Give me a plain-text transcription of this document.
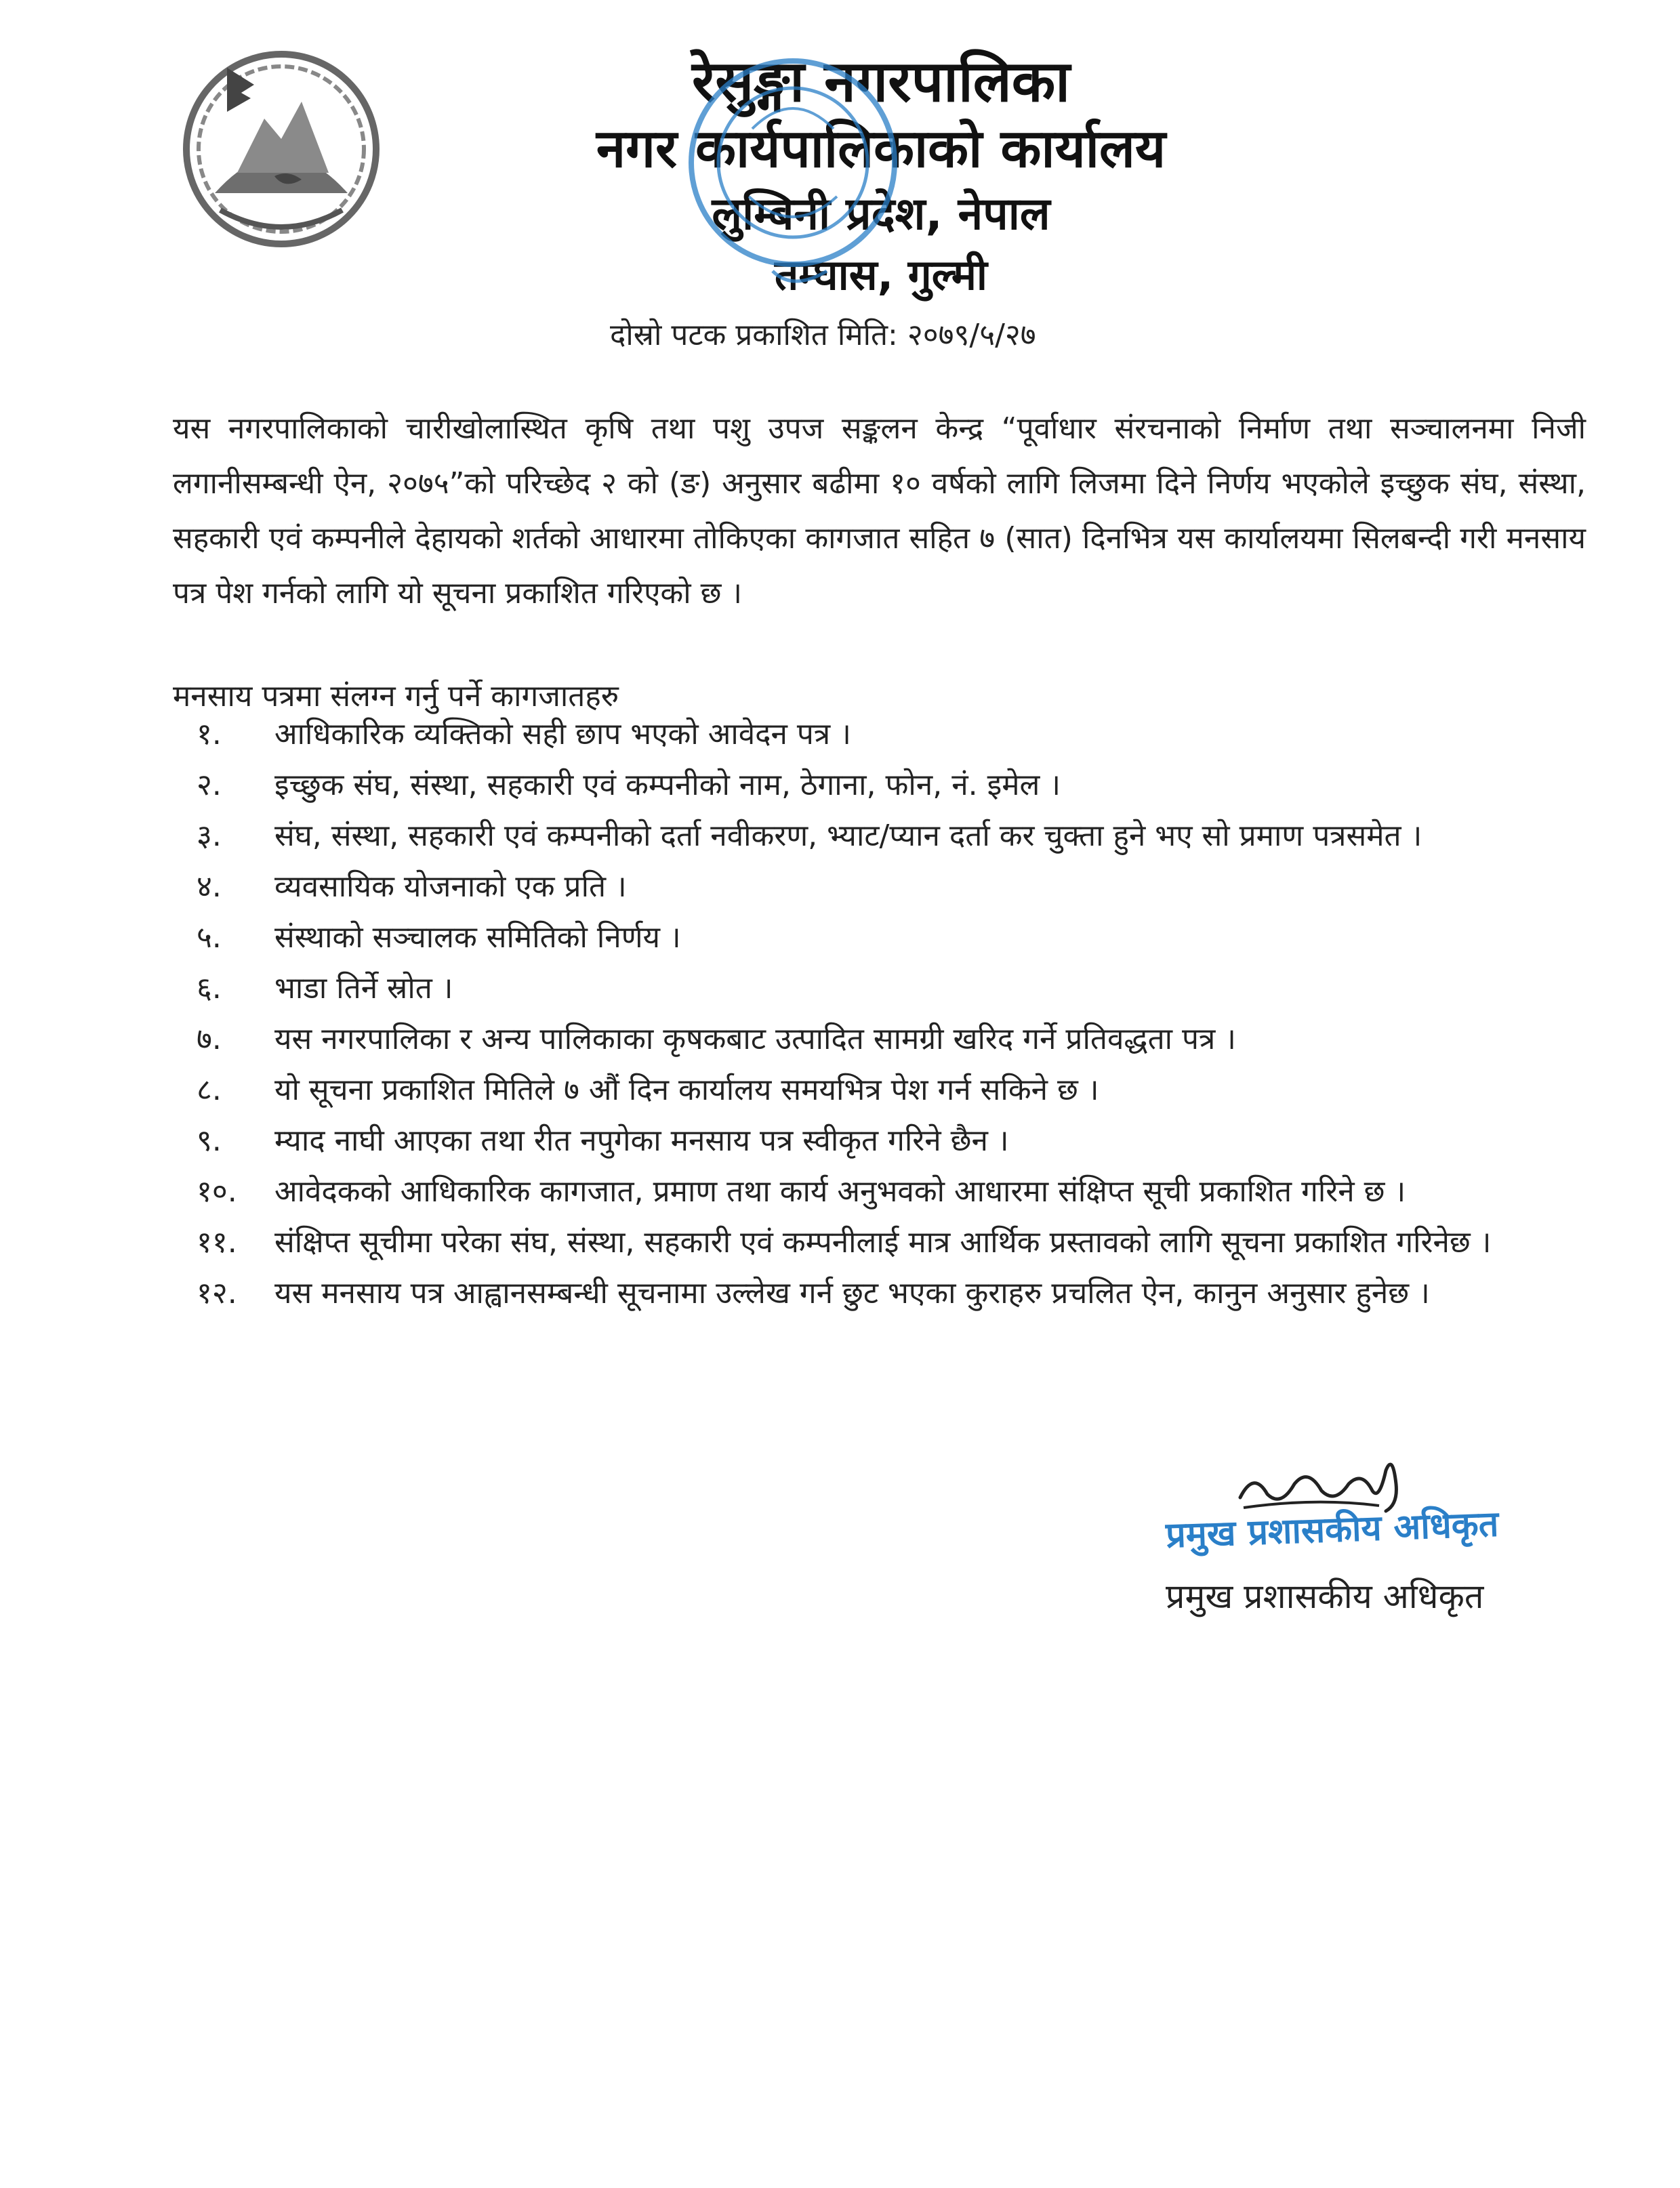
रेसुङ्गा नगरपालिका
नगर कार्यपालिकाको कार्यालय
लुम्बिनी प्रदेश, नेपाल
तम्घास, गुल्मी
दोस्रो पटक प्रकाशित मिति: २०७९/५/२७

यस नगरपालिकाको चारीखोलास्थित कृषि तथा पशु उपज सङ्कलन केन्द्र “पूर्वाधार संरचनाको निर्माण तथा सञ्चालनमा निजी लगानीसम्बन्धी ऐन, २०७५”को परिच्छेद २ को (ङ) अनुसार बढीमा १० वर्षको लागि लिजमा दिने निर्णय भएकोले इच्छुक संघ, संस्था, सहकारी एवं कम्पनीले देहायको शर्तको आधारमा तोकिएका कागजात सहित ७ (सात) दिनभित्र यस कार्यालयमा सिलबन्दी गरी मनसाय पत्र पेश गर्नको लागि यो सूचना प्रकाशित गरिएको छ ।

मनसाय पत्रमा संलग्न गर्नु पर्ने कागजातहरु
१.	आधिकारिक व्यक्तिको सही छाप भएको आवेदन पत्र ।
२.	इच्छुक संघ, संस्था, सहकारी एवं कम्पनीको नाम, ठेगाना, फोन, नं. इमेल ।
३.	संघ, संस्था, सहकारी एवं कम्पनीको दर्ता नवीकरण, भ्याट/प्यान दर्ता कर चुक्ता हुने भए सो प्रमाण पत्रसमेत ।
४.	व्यवसायिक योजनाको एक प्रति ।
५.	संस्थाको सञ्चालक समितिको निर्णय ।
६.	भाडा तिर्ने स्रोत ।
७.	यस नगरपालिका र अन्य पालिकाका कृषकबाट उत्पादित सामग्री खरिद गर्ने प्रतिवद्धता पत्र ।
८.	यो सूचना प्रकाशित मितिले ७ औं दिन कार्यालय समयभित्र पेश गर्न सकिने छ ।
९.	म्याद नाघी आएका तथा रीत नपुगेका मनसाय पत्र स्वीकृत गरिने छैन ।
१०.	आवेदकको आधिकारिक कागजात, प्रमाण तथा कार्य अनुभवको आधारमा संक्षिप्त सूची प्रकाशित गरिने छ ।
११.	संक्षिप्त सूचीमा परेका संघ, संस्था, सहकारी एवं कम्पनीलाई मात्र आर्थिक प्रस्तावको लागि सूचना प्रकाशित गरिनेछ ।
१२.	यस मनसाय पत्र आह्वानसम्बन्धी सूचनामा उल्लेख गर्न छुट भएका कुराहरु प्रचलित ऐन, कानुन अनुसार हुनेछ ।
प्रमुख प्रशासकीय अधिकृत
प्रमुख प्रशासकीय अधिकृत
